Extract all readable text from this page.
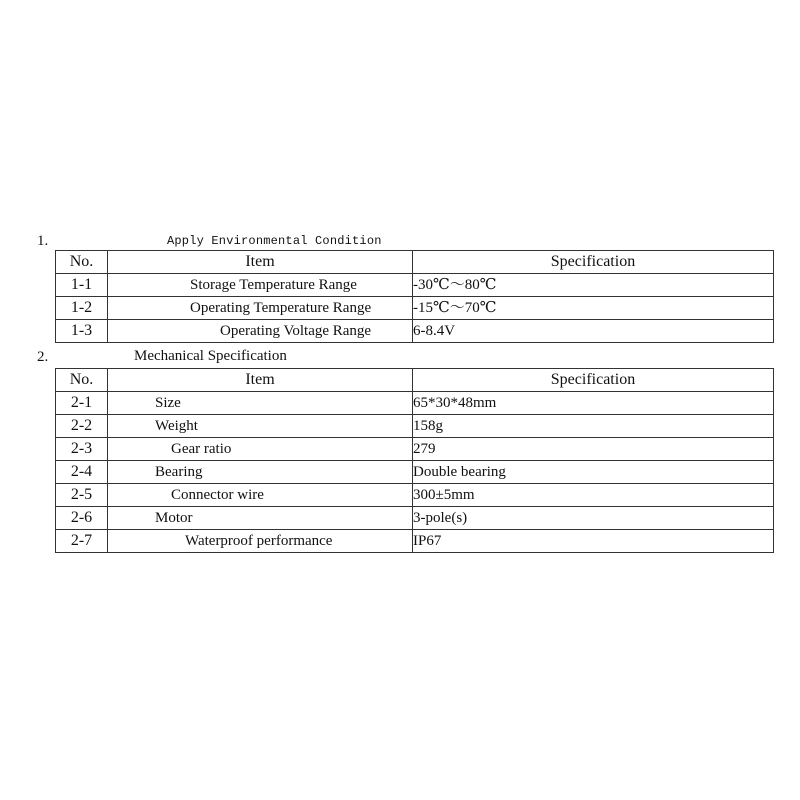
1.	Apply Environmental Condition
No.	Item	Specification
1-1	Storage Temperature Range	-30℃～80℃
1-2	Operating Temperature Range	-15℃～70℃
1-3	Operating Voltage Range	6-8.4V
2.	Mechanical Specification
No.	Item	Specification
2-1	Size	65*30*48mm
2-2	Weight	158g
2-3	Gear ratio	279
2-4	Bearing	Double bearing
2-5	Connector wire	300±5mm
2-6	Motor	3-pole(s)
2-7	Waterproof performance	IP67
